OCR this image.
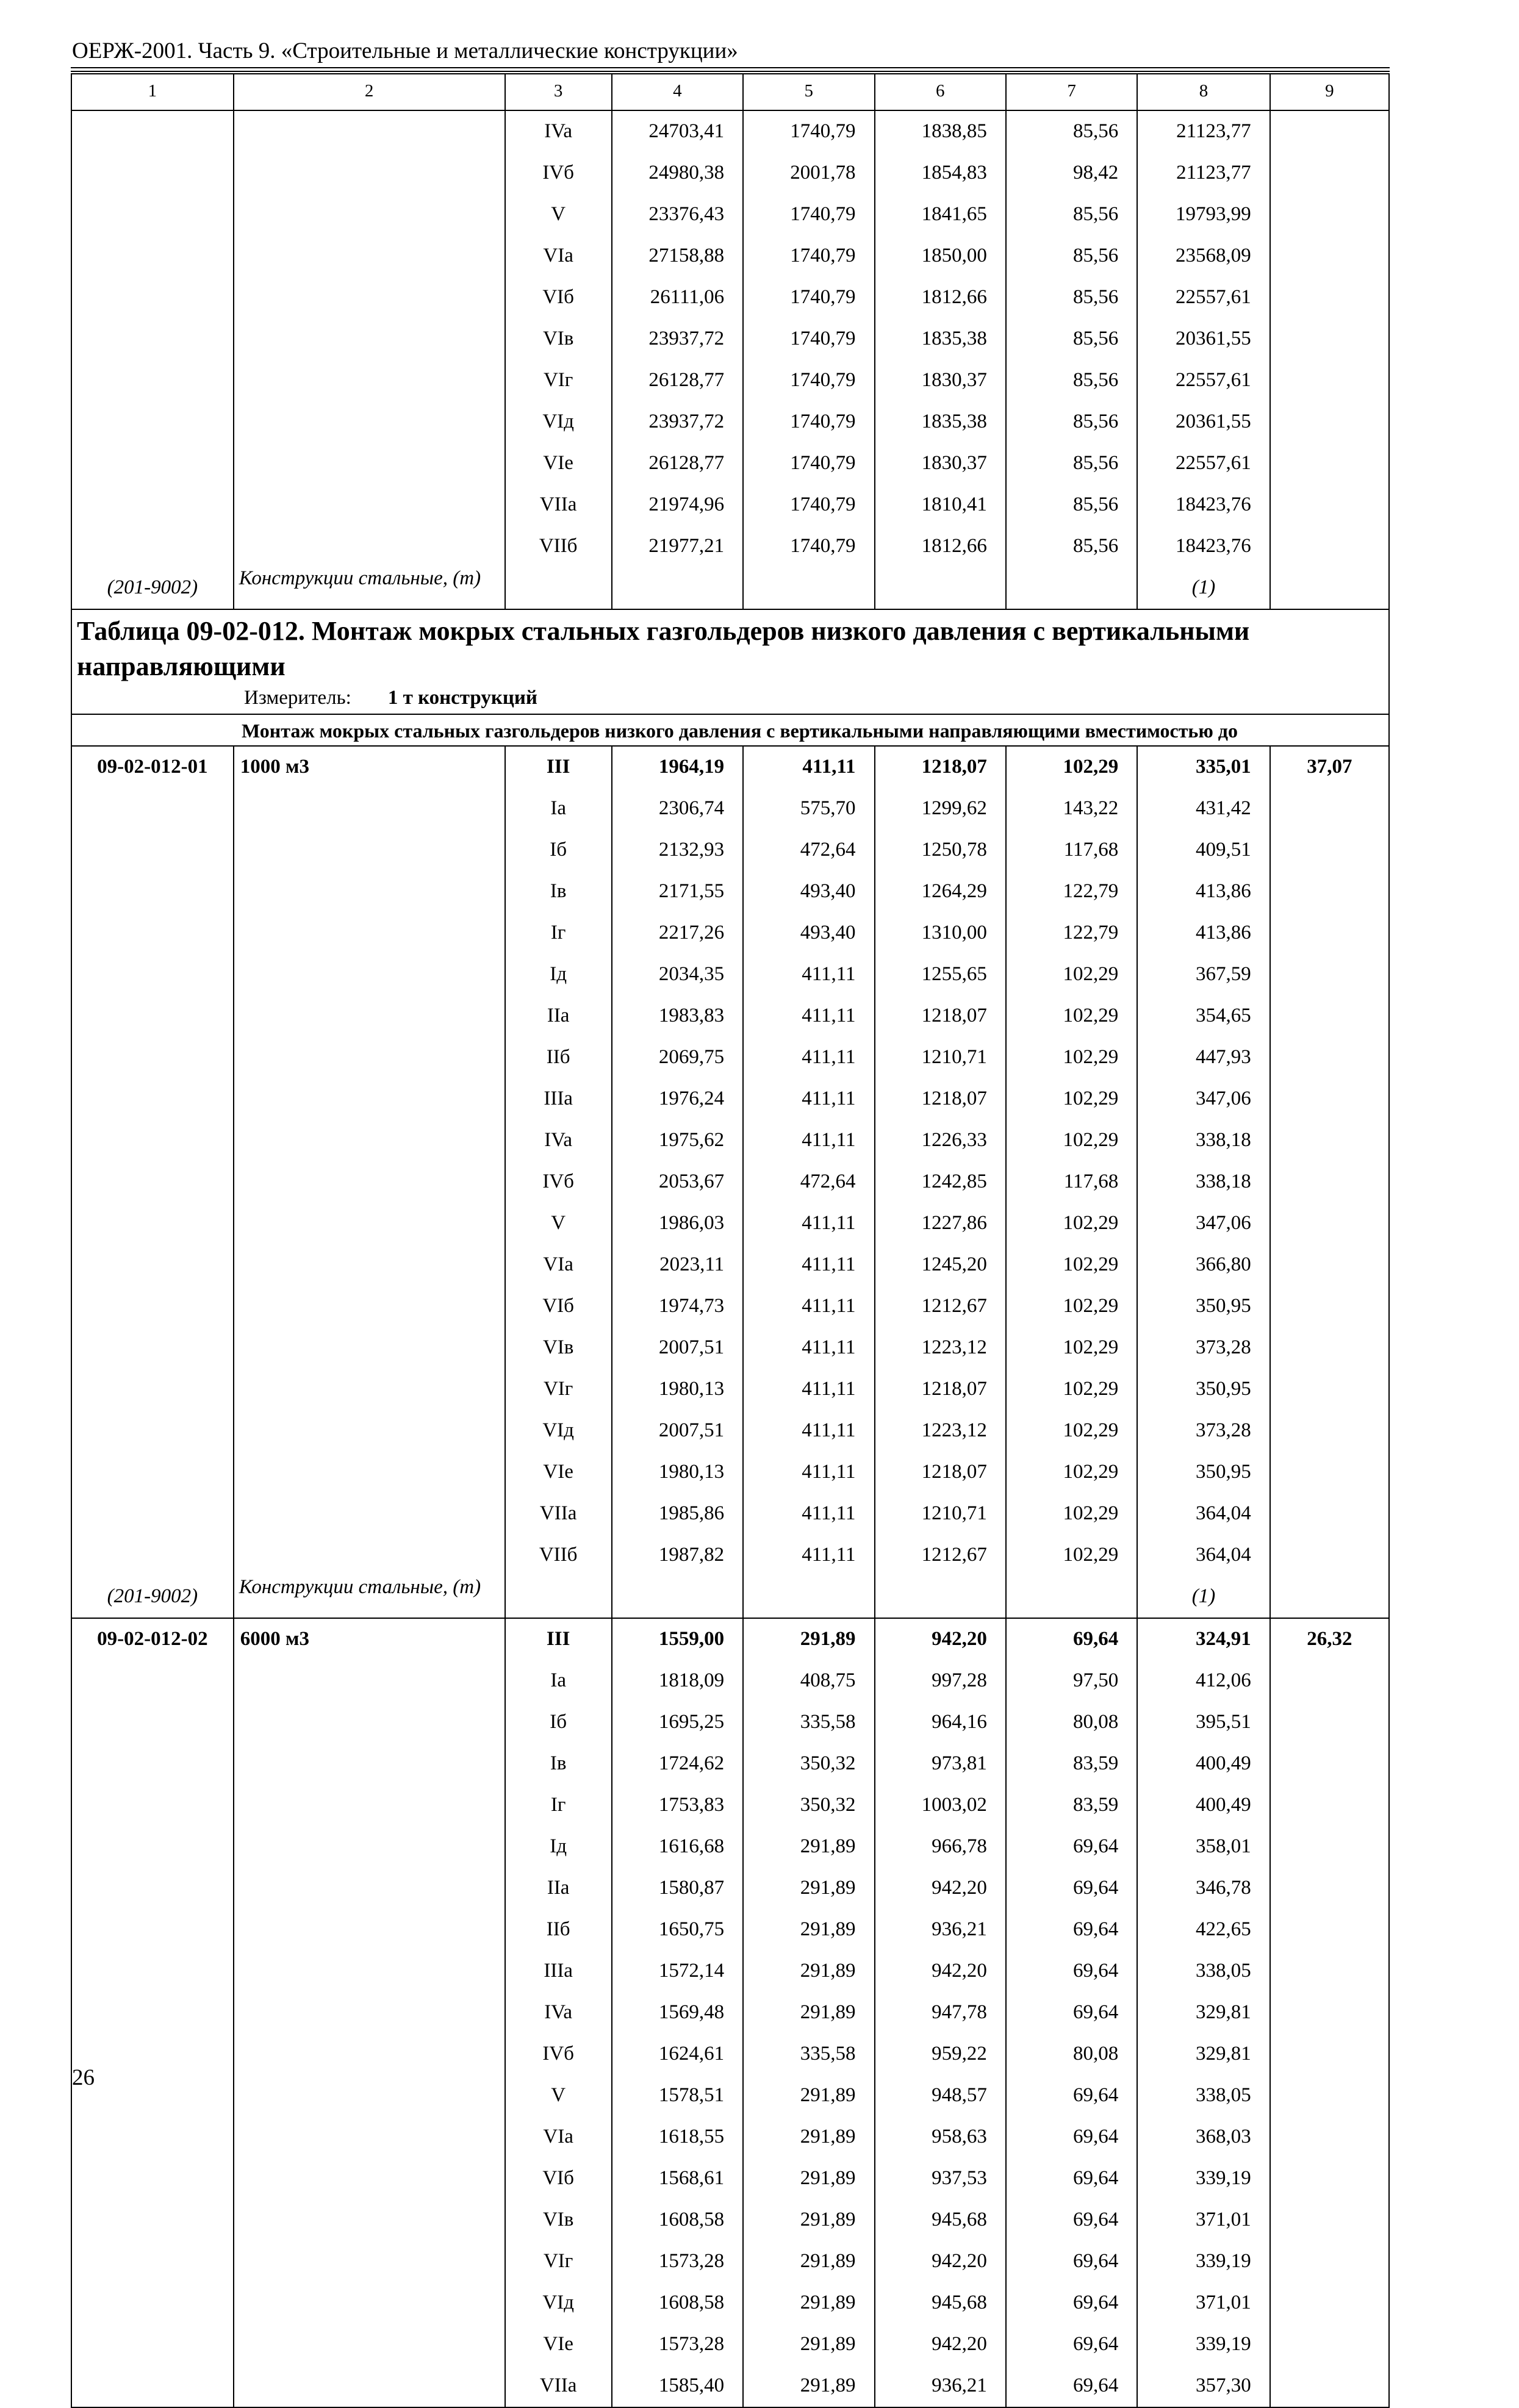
ОЕРЖ-2001. Часть 9. «Строительные и металлические конструкции»
1	2	3	4	5	6	7	8	9
		IVa	24703,41	1740,79	1838,85	85,56	21123,77	
		IVб	24980,38	2001,78	1854,83	98,42	21123,77	
		V	23376,43	1740,79	1841,65	85,56	19793,99	
		VIa	27158,88	1740,79	1850,00	85,56	23568,09	
		VIб	26111,06	1740,79	1812,66	85,56	22557,61	
		VIв	23937,72	1740,79	1835,38	85,56	20361,55	
		VIг	26128,77	1740,79	1830,37	85,56	22557,61	
		VIд	23937,72	1740,79	1835,38	85,56	20361,55	
		VIe	26128,77	1740,79	1830,37	85,56	22557,61	
		VIIa	21974,96	1740,79	1810,41	85,56	18423,76	
		VIIб	21977,21	1740,79	1812,66	85,56	18423,76	
(201-9002)	Конструкции стальные, (т)						(1)	

Таблица 09-02-012. Монтаж мокрых стальных газгольдеров низкого давления с вертикальными направляющими
Измеритель: 1 т конструкций								

Монтаж мокрых стальных газгольдеров низкого давления с вертикальными направляющими вместимостью до								
09-02-012-01	1000 м3	III	1964,19	411,11	1218,07	102,29	335,01	37,07
		Ia	2306,74	575,70	1299,62	143,22	431,42	
		Iб	2132,93	472,64	1250,78	117,68	409,51	
		Iв	2171,55	493,40	1264,29	122,79	413,86	
		Iг	2217,26	493,40	1310,00	122,79	413,86	
		Iд	2034,35	411,11	1255,65	102,29	367,59	
		IIa	1983,83	411,11	1218,07	102,29	354,65	
		IIб	2069,75	411,11	1210,71	102,29	447,93	
		IIIa	1976,24	411,11	1218,07	102,29	347,06	
		IVa	1975,62	411,11	1226,33	102,29	338,18	
		IVб	2053,67	472,64	1242,85	117,68	338,18	
		V	1986,03	411,11	1227,86	102,29	347,06	
		VIa	2023,11	411,11	1245,20	102,29	366,80	
		VIб	1974,73	411,11	1212,67	102,29	350,95	
		VIв	2007,51	411,11	1223,12	102,29	373,28	
		VIг	1980,13	411,11	1218,07	102,29	350,95	
		VIд	2007,51	411,11	1223,12	102,29	373,28	
		VIe	1980,13	411,11	1218,07	102,29	350,95	
		VIIa	1985,86	411,11	1210,71	102,29	364,04	
		VIIб	1987,82	411,11	1212,67	102,29	364,04	
(201-9002)	Конструкции стальные, (т)						(1)	
09-02-012-02	6000 м3	III	1559,00	291,89	942,20	69,64	324,91	26,32
		Ia	1818,09	408,75	997,28	97,50	412,06	
		Iб	1695,25	335,58	964,16	80,08	395,51	
		Iв	1724,62	350,32	973,81	83,59	400,49	
		Iг	1753,83	350,32	1003,02	83,59	400,49	
		Iд	1616,68	291,89	966,78	69,64	358,01	
		IIa	1580,87	291,89	942,20	69,64	346,78	
		IIб	1650,75	291,89	936,21	69,64	422,65	
		IIIa	1572,14	291,89	942,20	69,64	338,05	
		IVa	1569,48	291,89	947,78	69,64	329,81	
		IVб	1624,61	335,58	959,22	80,08	329,81	
		V	1578,51	291,89	948,57	69,64	338,05	
		VIa	1618,55	291,89	958,63	69,64	368,03	
		VIб	1568,61	291,89	937,53	69,64	339,19	
		VIв	1608,58	291,89	945,68	69,64	371,01	
		VIг	1573,28	291,89	942,20	69,64	339,19	
		VIд	1608,58	291,89	945,68	69,64	371,01	
		VIe	1573,28	291,89	942,20	69,64	339,19	
		VIIa	1585,40	291,89	936,21	69,64	357,30	
26
